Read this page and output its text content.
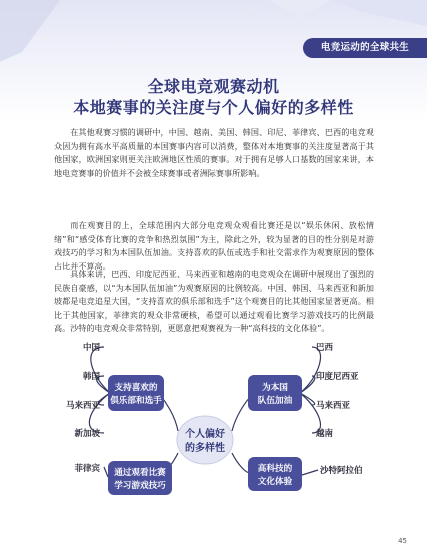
电竞运动的全球共生
全球电竞观赛动机
本地赛事的关注度与个人偏好的多样性

在其他观赛习惯的调研中，中国、越南、美国、韩国、印尼、菲律宾、巴西的电竞观众因为拥有高水平高质量的本国赛事内容可以消费，整体对本地赛事的关注度显著高于其他国家，欧洲国家则更关注欧洲地区性质的赛事。对于拥有足够人口基数的国家来讲，本地电竞赛事的价值并不会被全球赛事或者洲际赛事所影响。

而在观赛目的上，全球范围内大部分电竞观众观看比赛还是以“娱乐休闲、放松情绪”和“感受体育比赛的竞争和热烈氛围”为主，除此之外，较为显著的目的性分别是对游戏技巧的学习和为本国队伍加油。支持喜欢的队伍或选手和社交需求作为观赛原因的整体占比并不算高。

具体来讲，巴西、印度尼西亚、马来西亚和越南的电竞观众在调研中展现出了强烈的民族自豪感，以“为本国队伍加油”为观赛原因的比例较高。中国、韩国、马来西亚和新加坡都是电竞追星大国，“支持喜欢的俱乐部和选手”这个观赛目的比其他国家显著更高。相比于其他国家，菲律宾的观众非常硬核，希望可以通过观看比赛学习游戏技巧的比例最高。沙特的电竞观众非常特别，更愿意把观赛视为一种“高科技的文化体验”。

个人偏好
的多样性
支持喜欢的
俱乐部和选手
为本国
队伍加油
通过观看比赛
学习游戏技巧
高科技的
文化体验
中国
韩国
马来西亚
新加坡
菲律宾
巴西
印度尼西亚
马来西亚
越南
沙特阿拉伯
45
